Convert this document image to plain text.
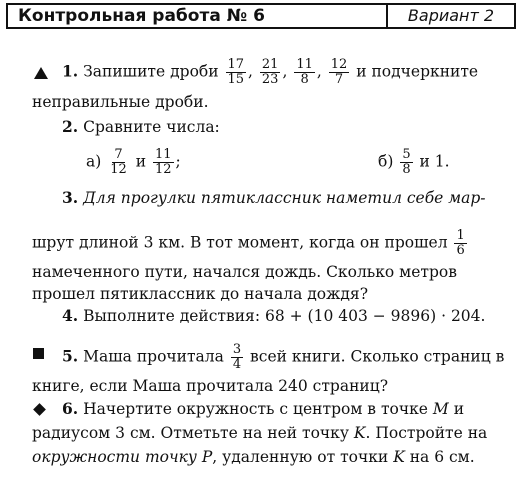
Контрольная работа № 6	Вариант 2
1. Запишите дроби $\frac{17}{15}$ , $\frac{21}{23}$ , $\frac{11}{8}$ , $\frac{12}{7}$ и подчеркните
неправильные дроби.
2. Сравните числа:
$а) \frac{7}{12}$ и $\frac{11}{12}$ ;	$б) \frac{5}{8}$ и 1.
3. Для прогулки пятиклассник наметил себе мар-
шрут длиной 3 км. В тот момент, когда он прошел $\frac{1}{6}$
намеченного пути, начался дождь. Сколько метров
прошел пятиклассник до начала дождя?
4. Выполните действия: 68 + (10 403 − 9896) · 204.
5. Маша прочитала $\frac{3}{4}$ всей книги. Сколько страниц в
книге, если Маша прочитала 240 страниц?
6. Начертите окружность с центром в точке M и
радиусом 3 см. Отметьте на ней точку K. Постройте на
окружности точку P, удаленную от точки K на 6 см.
